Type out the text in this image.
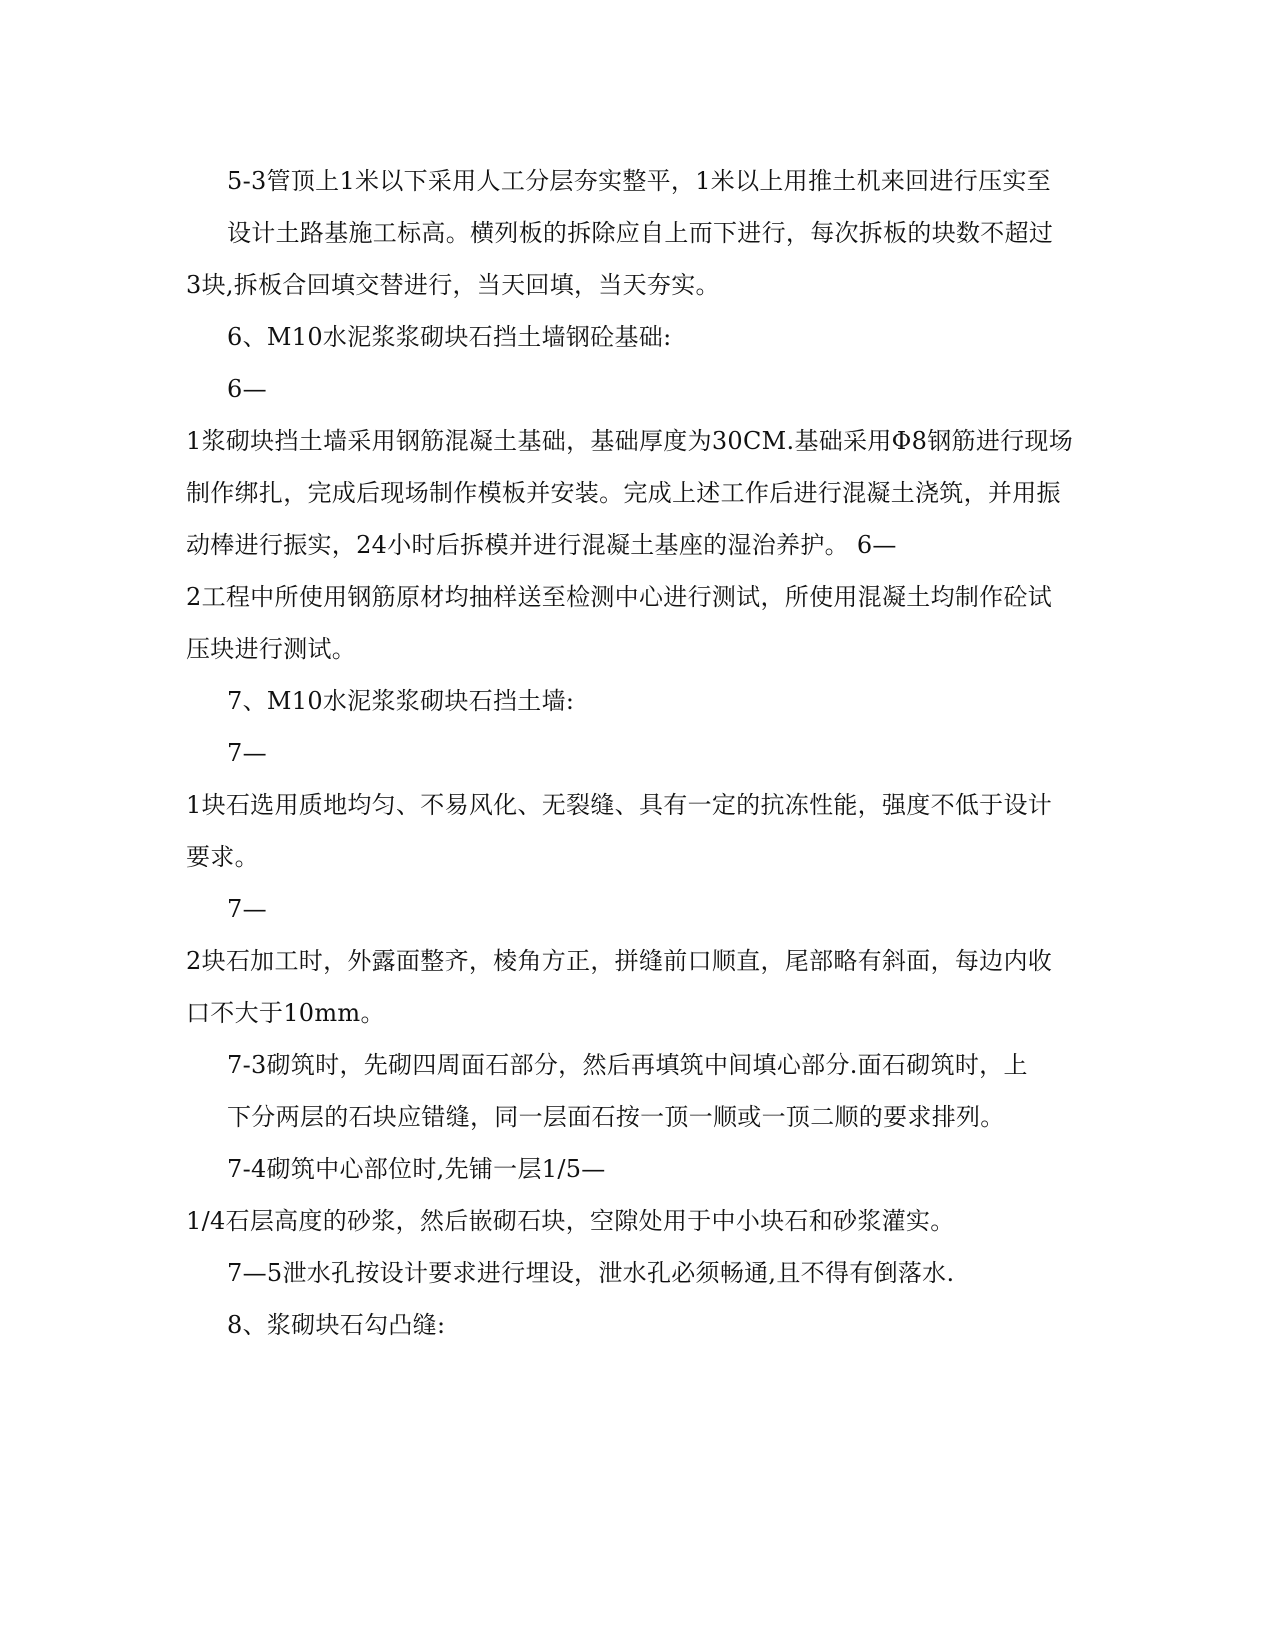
5-3管顶上1米以下采用人工分层夯实整平，1米以上用推土机来回进行压实至
设计土路基施工标高。横列板的拆除应自上而下进行，每次拆板的块数不超过
3块,拆板合回填交替进行，当天回填，当天夯实。
6、M10水泥浆浆砌块石挡土墙钢砼基础:
6—
1浆砌块挡土墙采用钢筋混凝土基础，基础厚度为30CM.基础采用Φ8钢筋进行现场
制作绑扎，完成后现场制作模板并安装。完成上述工作后进行混凝土浇筑，并用振
动棒进行振实，24小时后拆模并进行混凝土基座的湿治养护。 6—
2工程中所使用钢筋原材均抽样送至检测中心进行测试，所使用混凝土均制作砼试
压块进行测试。
7、M10水泥浆浆砌块石挡土墙:
7—
1块石选用质地均匀、不易风化、无裂缝、具有一定的抗冻性能，强度不低于设计
要求。
7—
2块石加工时，外露面整齐，棱角方正，拼缝前口顺直，尾部略有斜面，每边内收
口不大于10mm。
7-3砌筑时，先砌四周面石部分，然后再填筑中间填心部分.面石砌筑时，上
下分两层的石块应错缝，同一层面石按一顶一顺或一顶二顺的要求排列。
7-4砌筑中心部位时,先铺一层1/5—
1/4石层高度的砂浆，然后嵌砌石块，空隙处用于中小块石和砂浆灌实。
7—5泄水孔按设计要求进行埋设，泄水孔必须畅通,且不得有倒落水.
8、浆砌块石勾凸缝:
